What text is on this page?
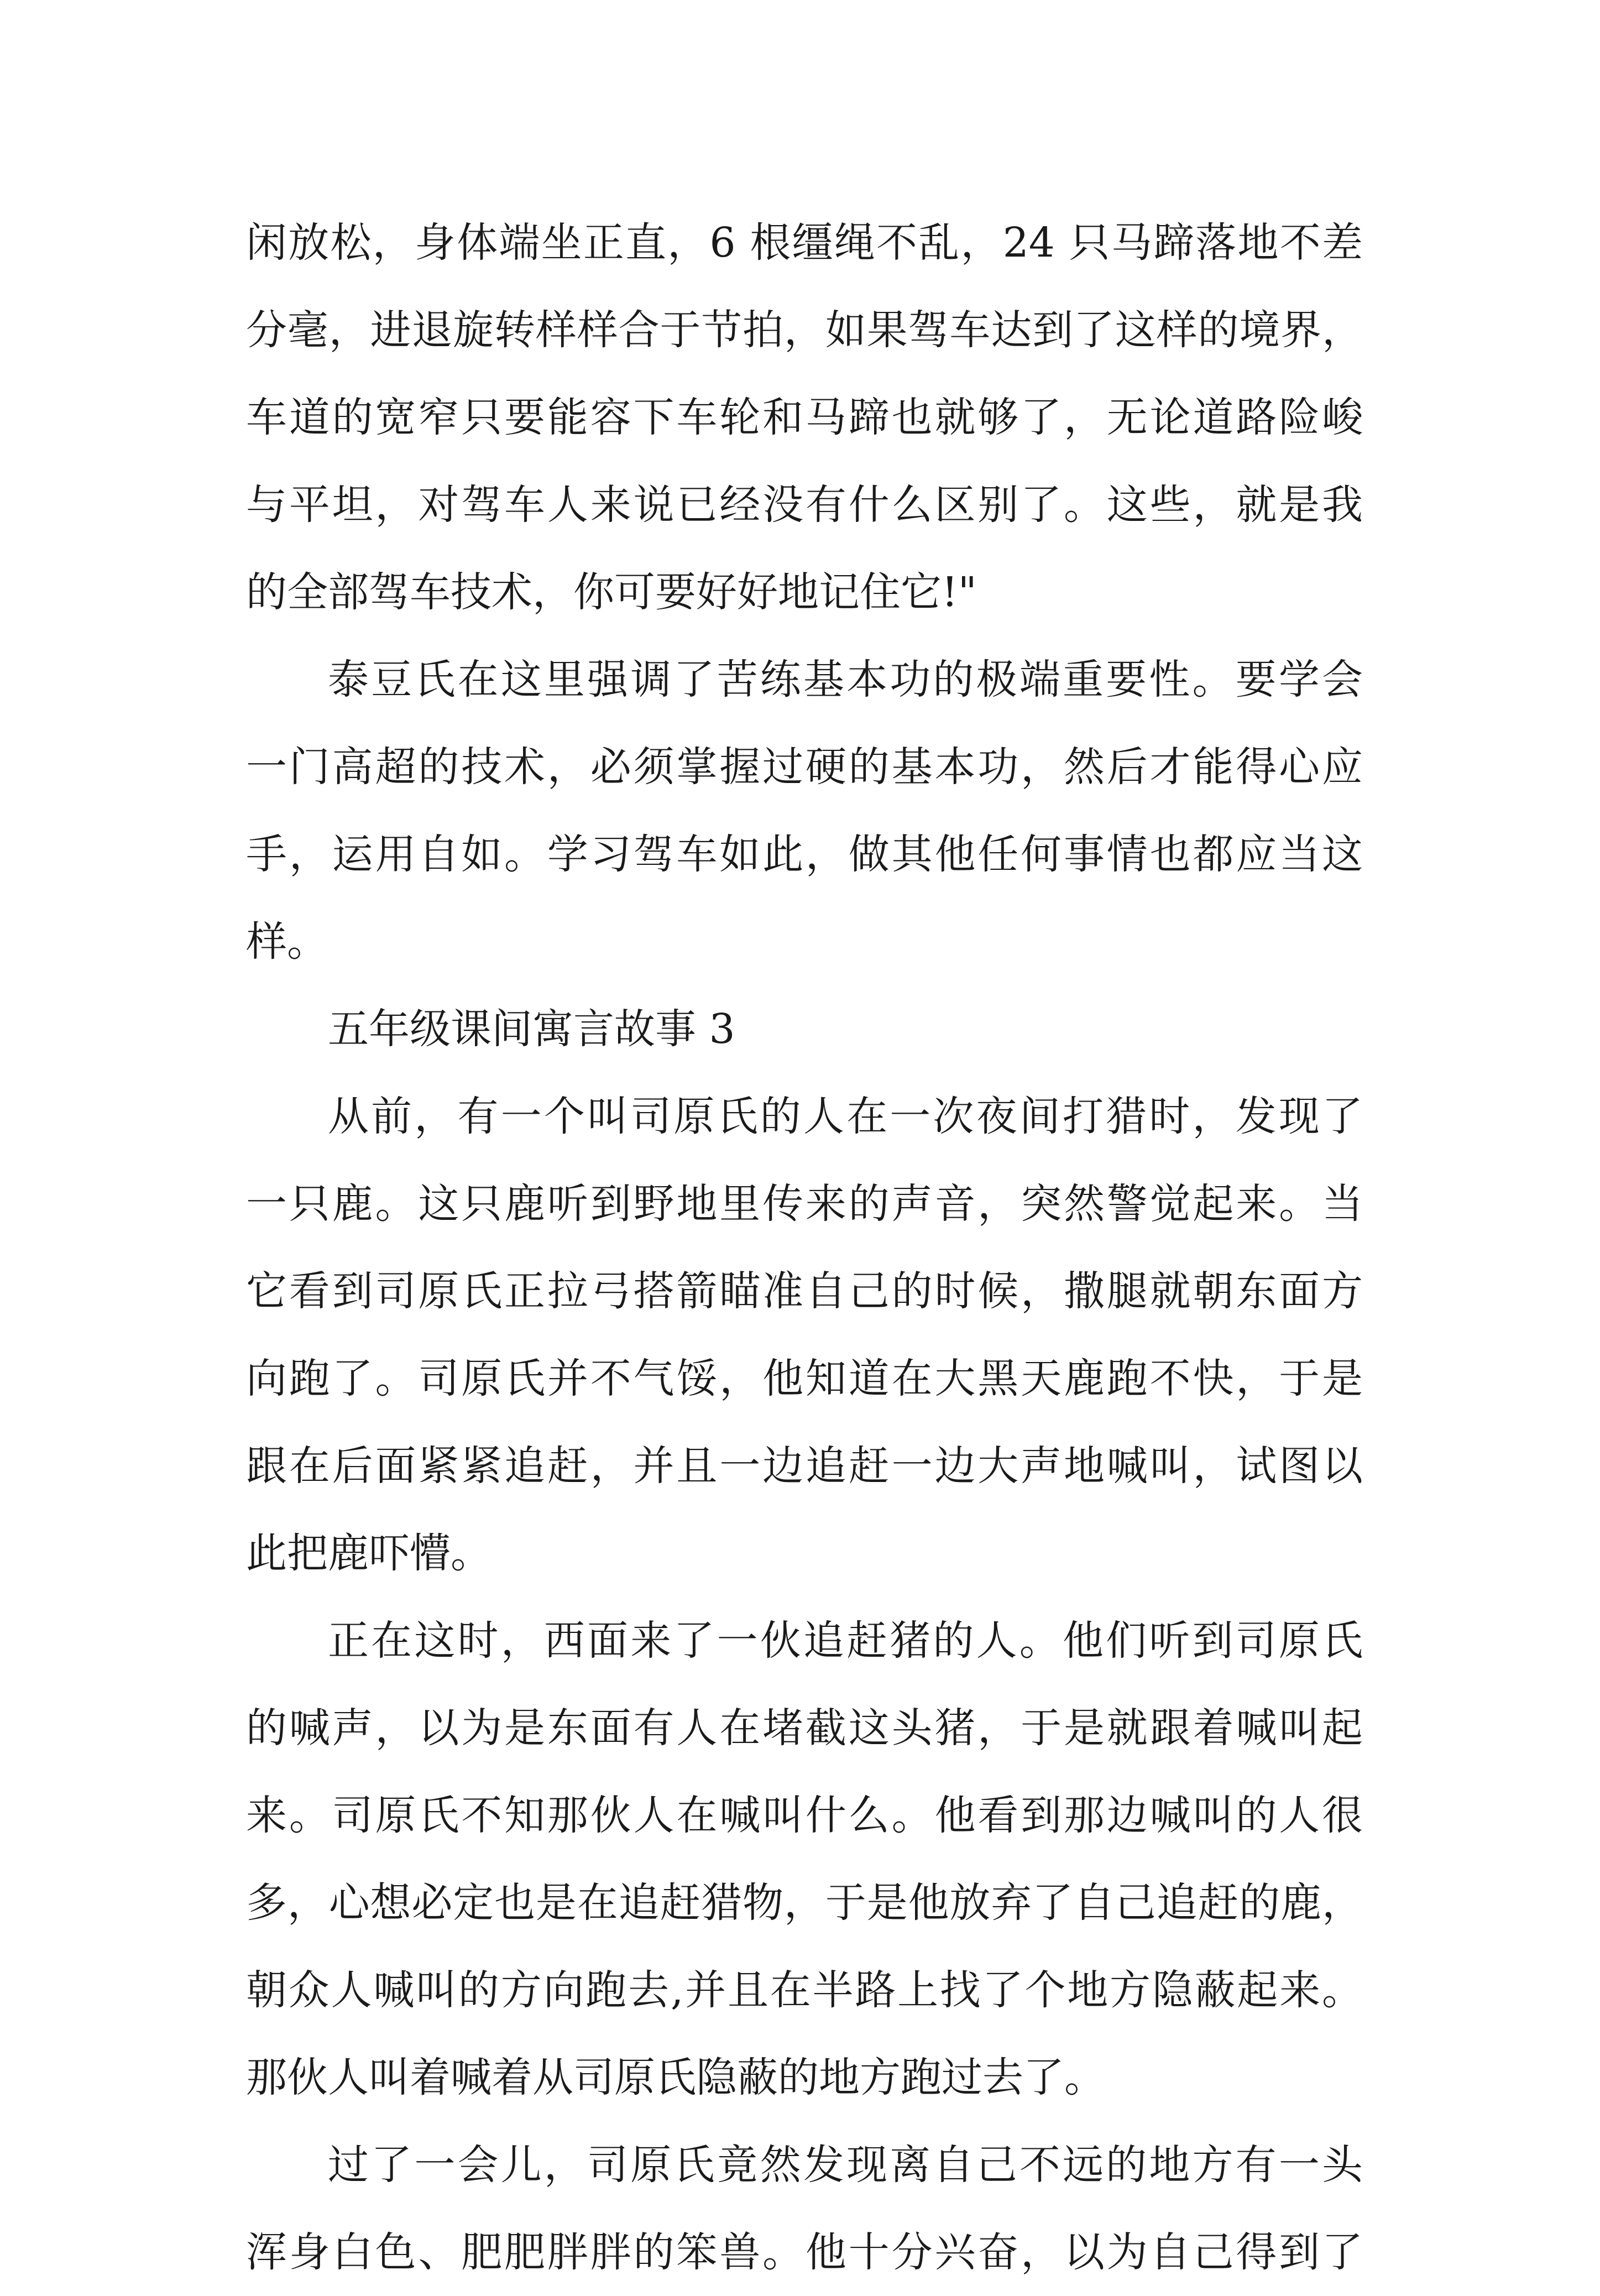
闲放松，身体端坐正直，6 根缰绳不乱，24 只马蹄落地不差
分毫，进退旋转样样合于节拍，如果驾车达到了这样的境界，
车道的宽窄只要能容下车轮和马蹄也就够了，无论道路险峻
与平坦，对驾车人来说已经没有什么区别了。这些，就是我
的全部驾车技术，你可要好好地记住它!"
泰豆氏在这里强调了苦练基本功的极端重要性。要学会
一门高超的技术，必须掌握过硬的基本功，然后才能得心应
手，运用自如。学习驾车如此，做其他任何事情也都应当这
样。
五年级课间寓言故事 3
从前，有一个叫司原氏的人在一次夜间打猎时，发现了
一只鹿。这只鹿听到野地里传来的声音，突然警觉起来。当
它看到司原氏正拉弓搭箭瞄准自己的时候，撒腿就朝东面方
向跑了。司原氏并不气馁，他知道在大黑天鹿跑不快，于是
跟在后面紧紧追赶，并且一边追赶一边大声地喊叫，试图以
此把鹿吓懵。
正在这时，西面来了一伙追赶猪的人。他们听到司原氏
的喊声，以为是东面有人在堵截这头猪，于是就跟着喊叫起
来。司原氏不知那伙人在喊叫什么。他看到那边喊叫的人很
多，心想必定也是在追赶猎物，于是他放弃了自己追赶的鹿，
朝众人喊叫的方向跑去,并且在半路上找了个地方隐蔽起来。
那伙人叫着喊着从司原氏隐蔽的地方跑过去了。
过了一会儿，司原氏竟然发现离自己不远的地方有一头
浑身白色、肥肥胖胖的笨兽。他十分兴奋，以为自己得到了
